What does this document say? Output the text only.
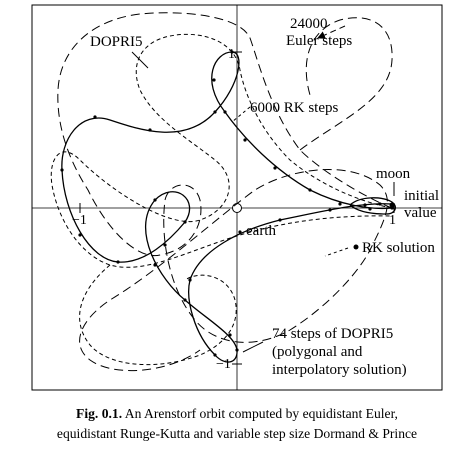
24000
Euler steps
DOPRI5
6000 RK steps
moon
initial
value
earth
RK solution
74 steps of DOPRI5
(polygonal and
interpolatory solution)
1
−1
−1	1
Fig. 0.1. An Arenstorf orbit computed by equidistant Euler,
equidistant Runge-Kutta and variable step size Dormand & Prince
